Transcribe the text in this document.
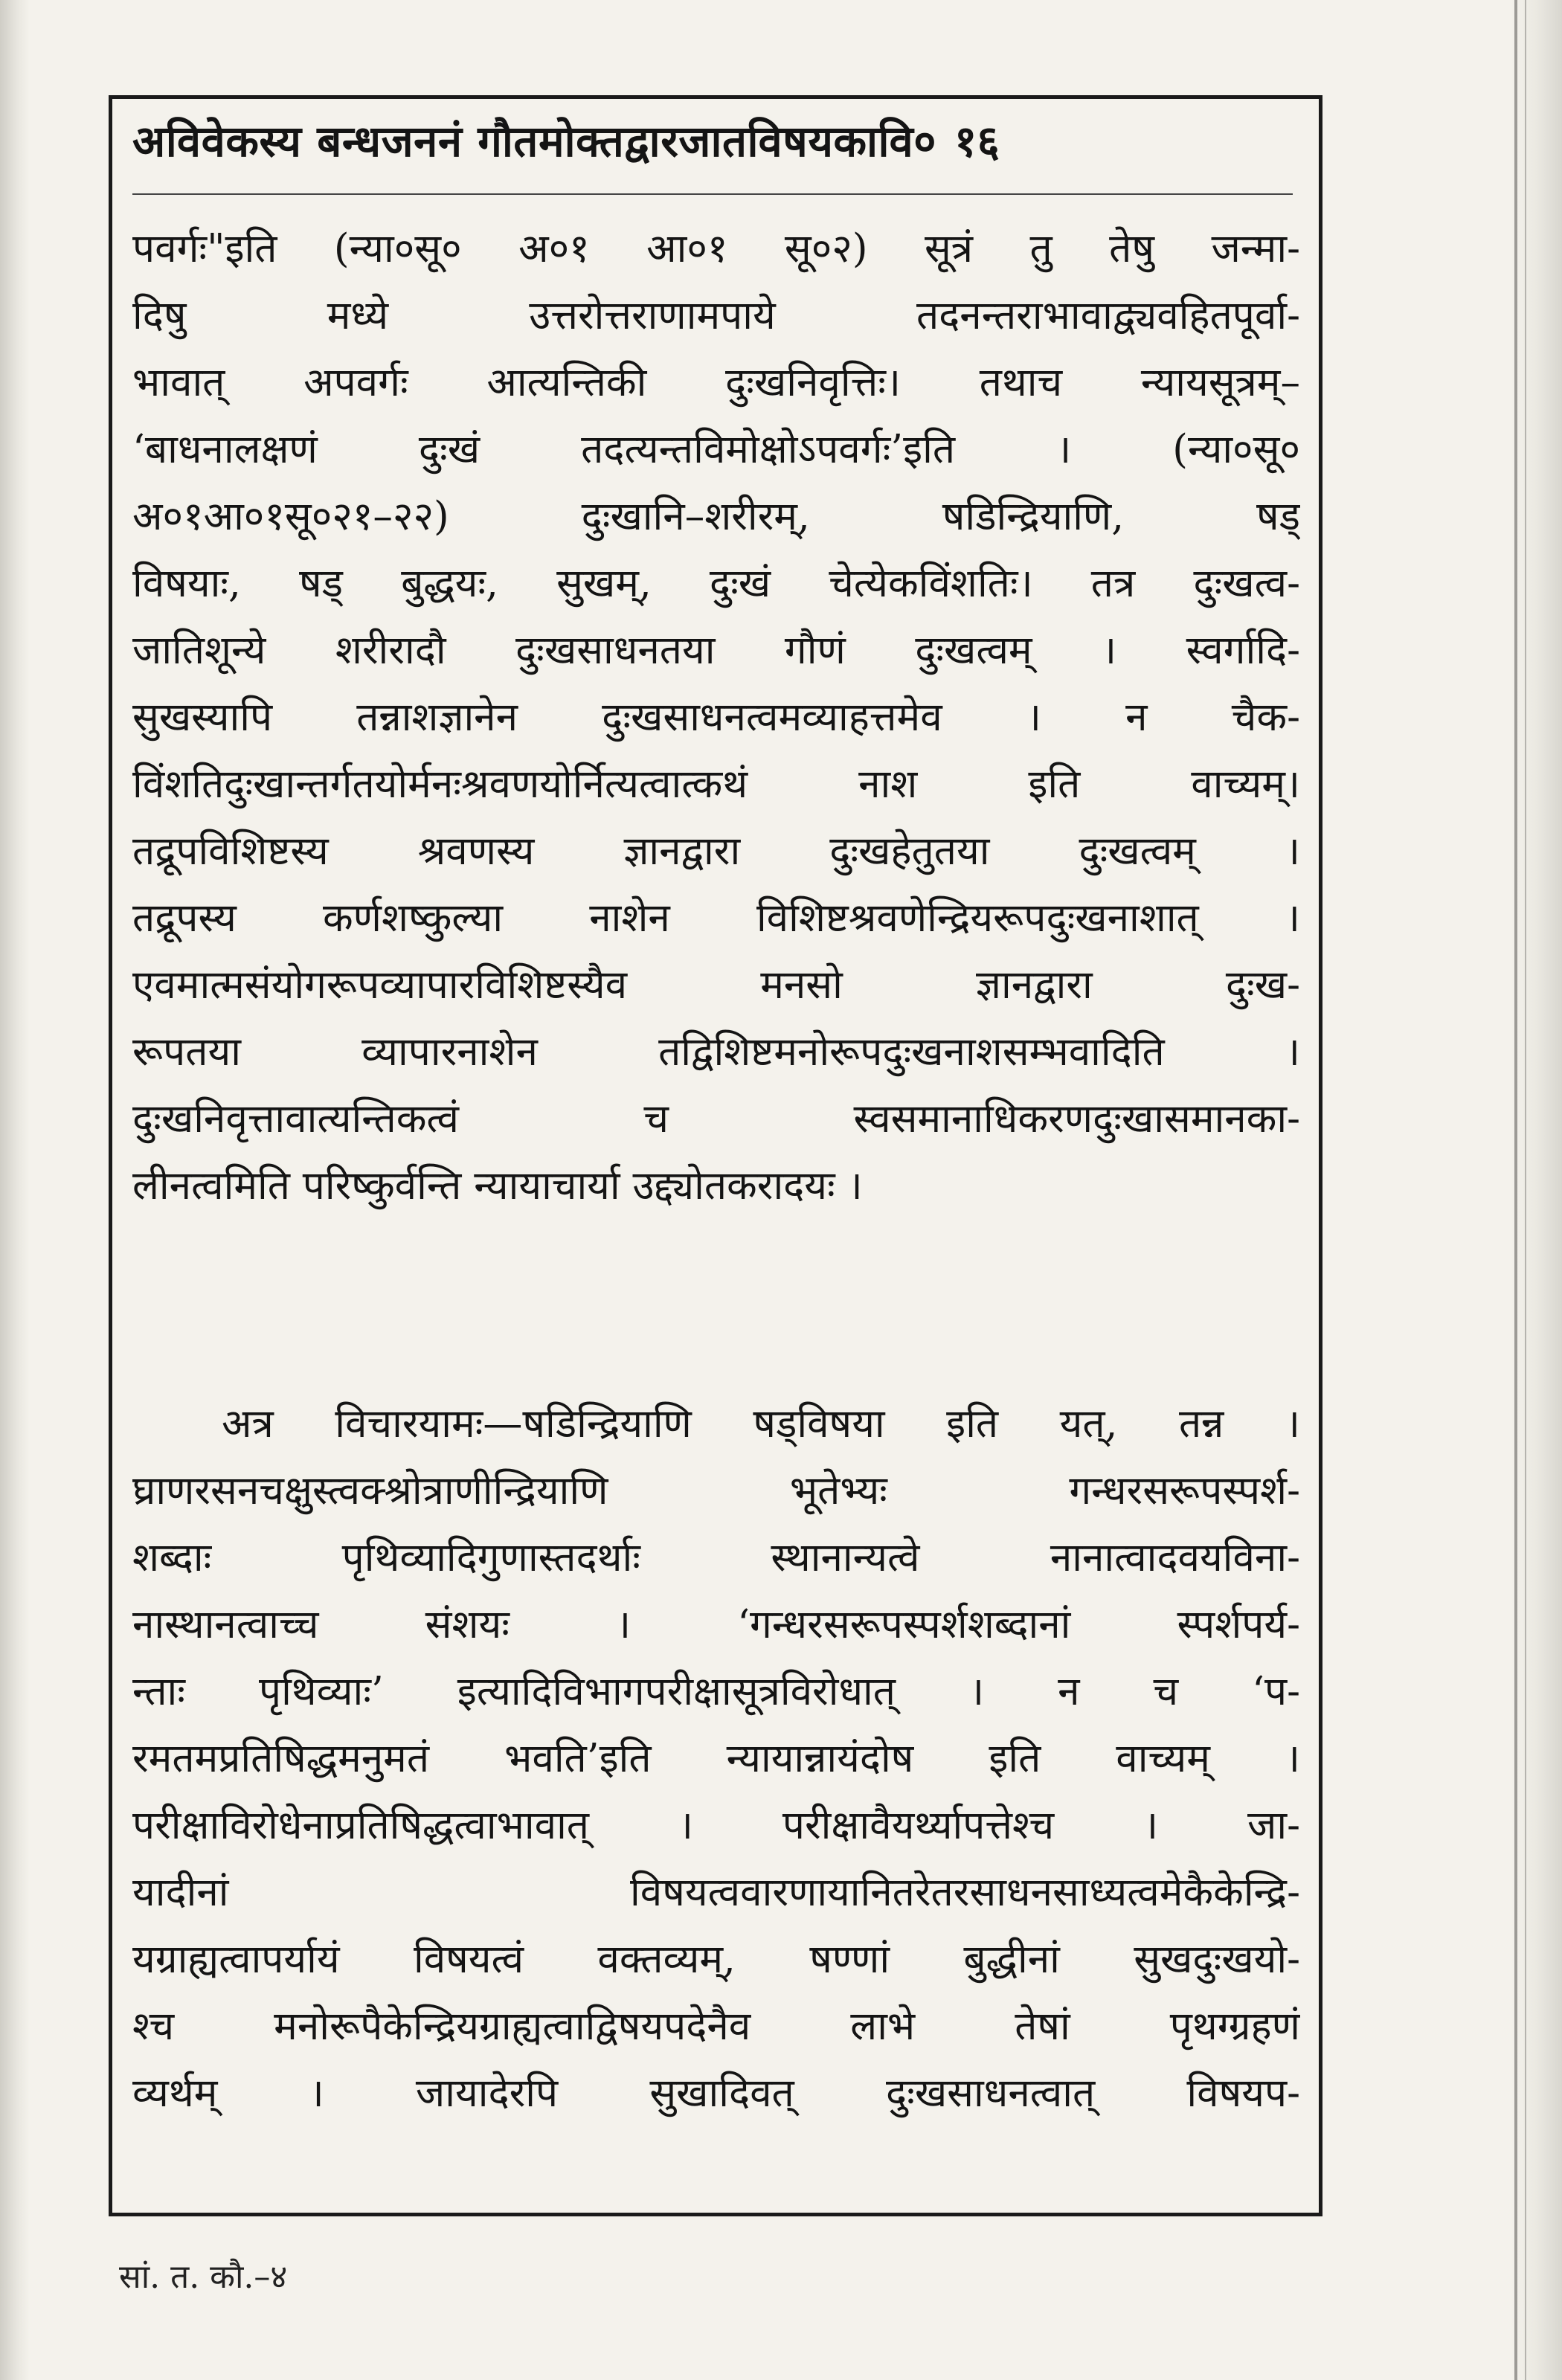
अविवेकस्य बन्धजननं गौतमोक्तद्वारजातविषयकावि० १६
पवर्गः"इति (न्या०सू० अ०१ आ०१ सू०२) सूत्रं तु तेषु जन्मा-
दिषु मध्ये उत्तरोत्तराणामपाये तदनन्तराभावाद्व्यवहितपूर्वा-
भावात् अपवर्गः आत्यन्तिकी दुःखनिवृत्तिः। तथाच न्यायसूत्रम्–
‘बाधनालक्षणं दुःखं तदत्यन्तविमोक्षोऽपवर्गः’इति । (न्या०सू०
अ०१आ०१सू०२१–२२) दुःखानि–शरीरम्, षडिन्द्रियाणि, षड्
विषयाः, षड् बुद्धयः, सुखम्, दुःखं चेत्येकविंशतिः। तत्र दुःखत्व-
जातिशून्ये शरीरादौ दुःखसाधनतया गौणं दुःखत्वम् । स्वर्गादि-
सुखस्यापि तन्नाशज्ञानेन दुःखसाधनत्वमव्याहत्तमेव । न चैक-
विंशतिदुःखान्तर्गतयोर्मनःश्रवणयोर्नित्यत्वात्कथं नाश इति वाच्यम्।
तद्रूपविशिष्टस्य श्रवणस्य ज्ञानद्वारा दुःखहेतुतया दुःखत्वम् ।
तद्रूपस्य कर्णशष्कुल्या नाशेन विशिष्टश्रवणेन्द्रियरूपदुःखनाशात् ।
एवमात्मसंयोगरूपव्यापारविशिष्टस्यैव मनसो ज्ञानद्वारा दुःख-
रूपतया व्यापारनाशेन तद्विशिष्टमनोरूपदुःखनाशसम्भवादिति ।
दुःखनिवृत्तावात्यन्तिकत्वं च स्वसमानाधिकरणदुःखासमानका-
लीनत्वमिति परिष्कुर्वन्ति न्यायाचार्या उद्द्योतकरादयः ।
अत्र विचारयामः—षडिन्द्रियाणि षड्विषया इति यत्, तन्न ।
घ्राणरसनचक्षुस्त्वक्श्रोत्राणीन्द्रियाणि भूतेभ्यः गन्धरसरूपस्पर्श-
शब्दाः पृथिव्यादिगुणास्तदर्थाः स्थानान्यत्वे नानात्वादवयविना-
नास्थानत्वाच्च संशयः । ‘गन्धरसरूपस्पर्शशब्दानां स्पर्शपर्य-
न्ताः पृथिव्याः’ इत्यादिविभागपरीक्षासूत्रविरोधात् । न च ‘प-
रमतमप्रतिषिद्धमनुमतं भवति’इति न्यायान्नायंदोष इति वाच्यम् ।
परीक्षाविरोधेनाप्रतिषिद्धत्वाभावात् । परीक्षावैयर्थ्यापत्तेश्च । जा-
यादीनां विषयत्ववारणायानितरेतरसाधनसाध्यत्वमेकैकेन्द्रि-
यग्राह्यत्वापर्यायं विषयत्वं वक्तव्यम्, षण्णां बुद्धीनां सुखदुःखयो-
श्च मनोरूपैकेन्द्रियग्राह्यत्वाद्विषयपदेनैव लाभे तेषां पृथग्ग्रहणं
व्यर्थम् । जायादेरपि सुखादिवत् दुःखसाधनत्वात् विषयप-
सां. त. कौ.–४
